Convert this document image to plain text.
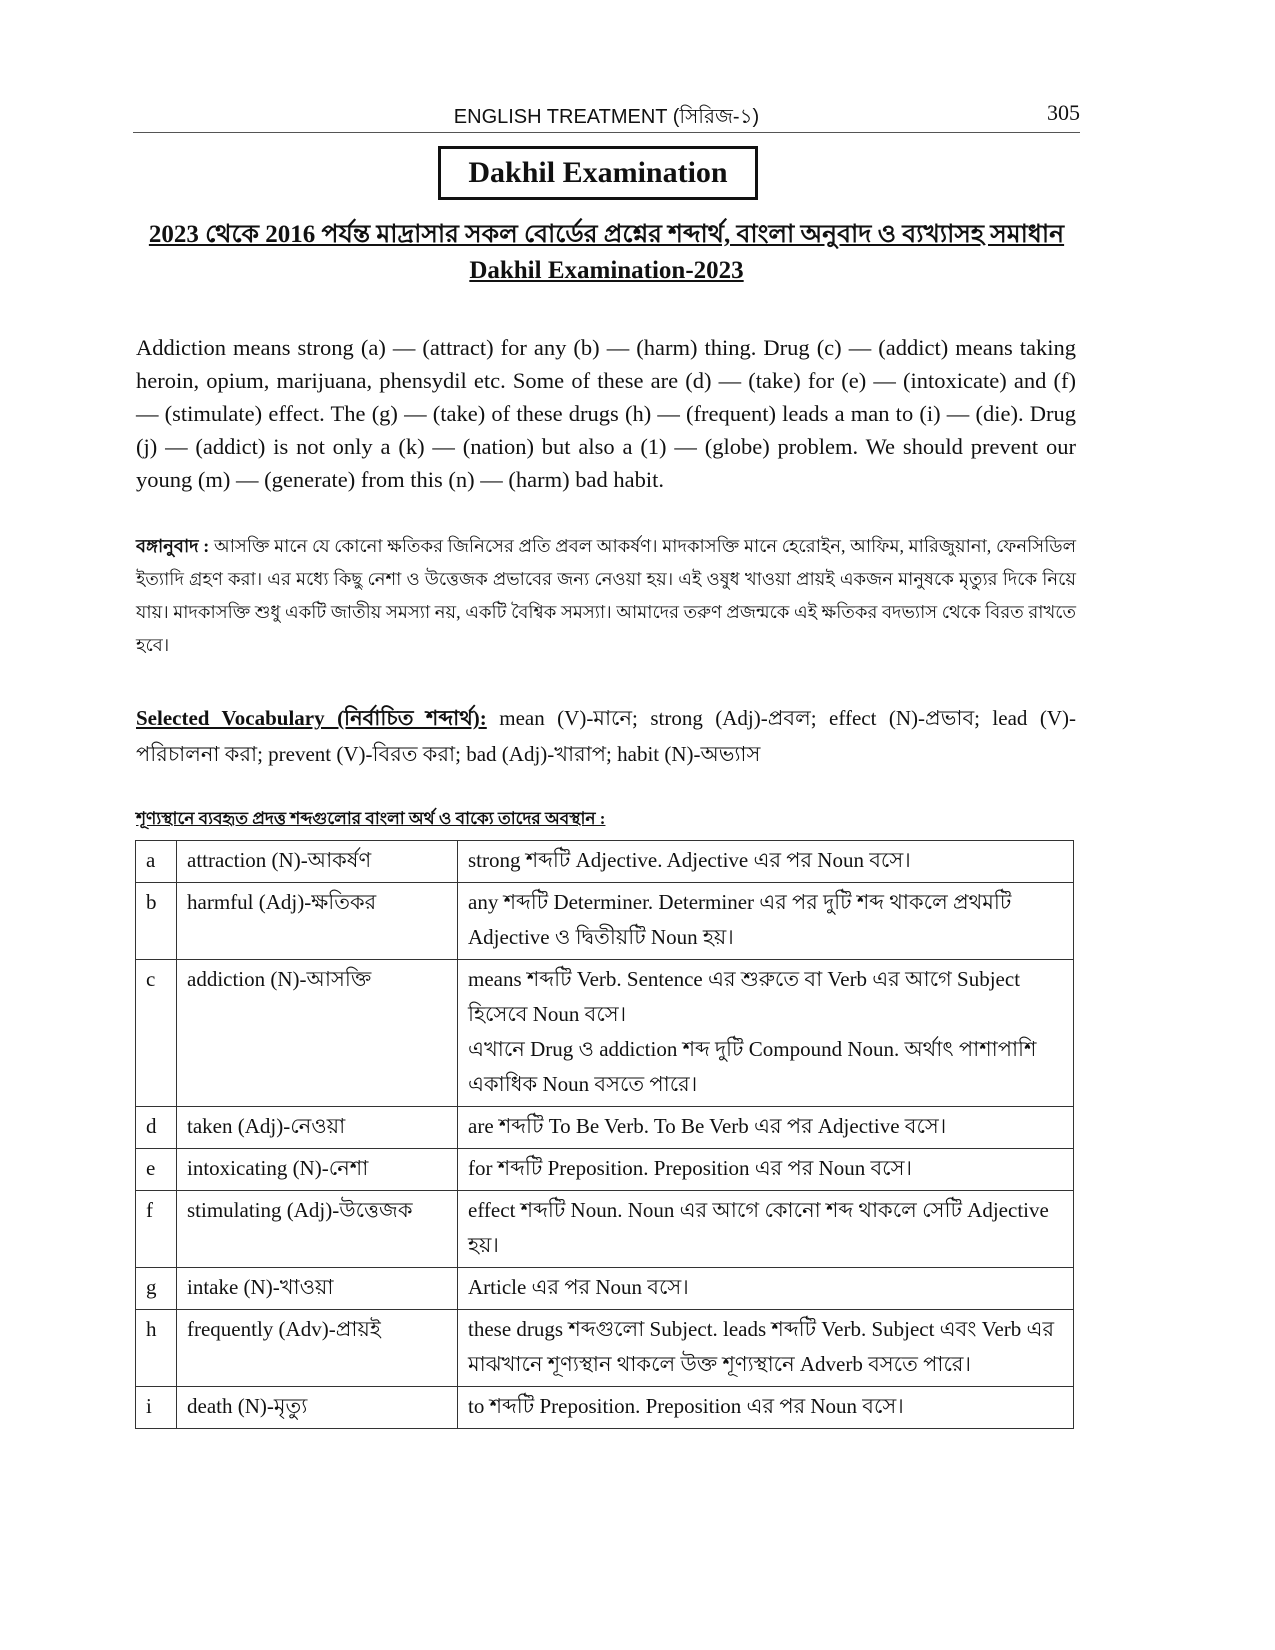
ENGLISH TREATMENT (সিরিজ-১)	305
Dakhil Examination
2023 থেকে 2016 পর্যন্ত মাদ্রাসার সকল বোর্ডের প্রশ্নের শব্দার্থ, বাংলা অনুবাদ ও ব্যখ্যাসহ সমাধান
Dakhil Examination-2023
Addiction means strong (a) — (attract) for any (b) — (harm) thing. Drug (c) — (addict) means taking heroin, opium, marijuana, phensydil etc. Some of these are (d) — (take) for (e) — (intoxicate) and (f) — (stimulate) effect. The (g) — (take) of these drugs (h) — (frequent) leads a man to (i) — (die). Drug (j) — (addict) is not only a (k) — (nation) but also a (1) — (globe) problem. We should prevent our young (m) — (generate) from this (n) — (harm) bad habit.
বঙ্গানুবাদ : আসক্তি মানে যে কোনো ক্ষতিকর জিনিসের প্রতি প্রবল আকর্ষণ। মাদকাসক্তি মানে হেরোইন, আফিম, মারিজুয়ানা, ফেনসিডিল ইত্যাদি গ্রহণ করা। এর মধ্যে কিছু নেশা ও উত্তেজক প্রভাবের জন্য নেওয়া হয়। এই ওষুধ খাওয়া প্রায়ই একজন মানুষকে মৃত্যুর দিকে নিয়ে যায়। মাদকাসক্তি শুধু একটি জাতীয় সমস্যা নয়, একটি বৈশ্বিক সমস্যা। আমাদের তরুণ প্রজন্মকে এই ক্ষতিকর বদভ্যাস থেকে বিরত রাখতে হবে।
Selected Vocabulary (নির্বাচিত শব্দার্থ): mean (V)-মানে; strong (Adj)-প্রবল; effect (N)-প্রভাব; lead (V)-পরিচালনা করা; prevent (V)-বিরত করা; bad (Adj)-খারাপ; habit (N)-অভ্যাস
শূণ্যস্থানে ব্যবহৃত প্রদত্ত শব্দগুলোর বাংলা অর্থ ও বাক্যে তাদের অবস্থান :
a	attraction (N)-আকর্ষণ	strong শব্দটি Adjective. Adjective এর পর Noun বসে।

b	harmful (Adj)-ক্ষতিকর	any শব্দটি Determiner. Determiner এর পর দুটি শব্দ থাকলে প্রথমটি Adjective ও দ্বিতীয়টি Noun হয়।

c	addiction (N)-আসক্তি	means শব্দটি Verb. Sentence এর শুরুতে বা Verb এর আগে Subject হিসেবে Noun বসে।
এখানে Drug ও addiction শব্দ দুটি Compound Noun. অর্থাৎ পাশাপাশি একাধিক Noun বসতে পারে।

d	taken (Adj)-নেওয়া	are শব্দটি To Be Verb. To Be Verb এর পর Adjective বসে।

e	intoxicating (N)-নেশা	for শব্দটি Preposition. Preposition এর পর Noun বসে।

f	stimulating (Adj)-উত্তেজক	effect শব্দটি Noun. Noun এর আগে কোনো শব্দ থাকলে সেটি Adjective হয়।

g	intake (N)-খাওয়া	Article এর পর Noun বসে।

h	frequently (Adv)-প্রায়ই	these drugs শব্দগুলো Subject. leads শব্দটি Verb. Subject এবং Verb এর মাঝখানে শূণ্যস্থান থাকলে উক্ত শূণ্যস্থানে Adverb বসতে পারে।

i	death (N)-মৃত্যু	to শব্দটি Preposition. Preposition এর পর Noun বসে।
